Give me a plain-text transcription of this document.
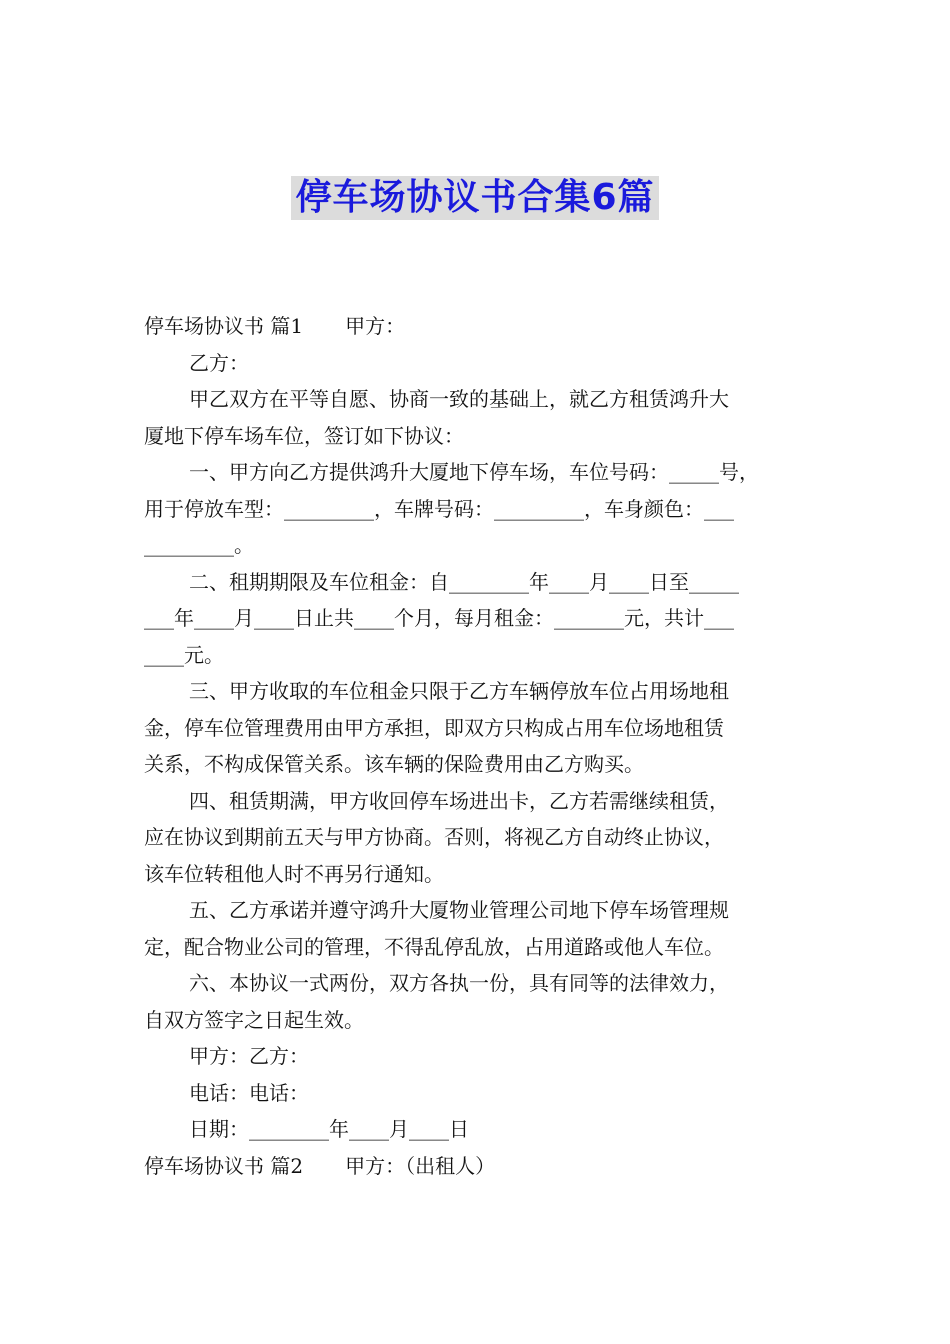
停车场协议书合集6篇
停车场协议书 篇1 甲方：
乙方：
甲乙双方在平等自愿、协商一致的基础上，就乙方租赁鸿升大
厦地下停车场车位，签订如下协议：
一、甲方向乙方提供鸿升大厦地下停车场，车位号码：_____号，
用于停放车型：_________，车牌号码：_________，车身颜色：___
_________。
二、租期期限及车位租金：自________年____月____日至_____
___年____月____日止共____个月，每月租金：_______元，共计___
____元。
三、甲方收取的车位租金只限于乙方车辆停放车位占用场地租
金，停车位管理费用由甲方承担，即双方只构成占用车位场地租赁
关系，不构成保管关系。该车辆的保险费用由乙方购买。
四、租赁期满，甲方收回停车场进出卡，乙方若需继续租赁，
应在协议到期前五天与甲方协商。否则，将视乙方自动终止协议，
该车位转租他人时不再另行通知。
五、乙方承诺并遵守鸿升大厦物业管理公司地下停车场管理规
定，配合物业公司的管理，不得乱停乱放，占用道路或他人车位。
六、本协议一式两份，双方各执一份，具有同等的法律效力，
自双方签字之日起生效。
甲方：乙方：
电话：电话：
日期：________年____月____日
停车场协议书 篇2 甲方：（出租人）
